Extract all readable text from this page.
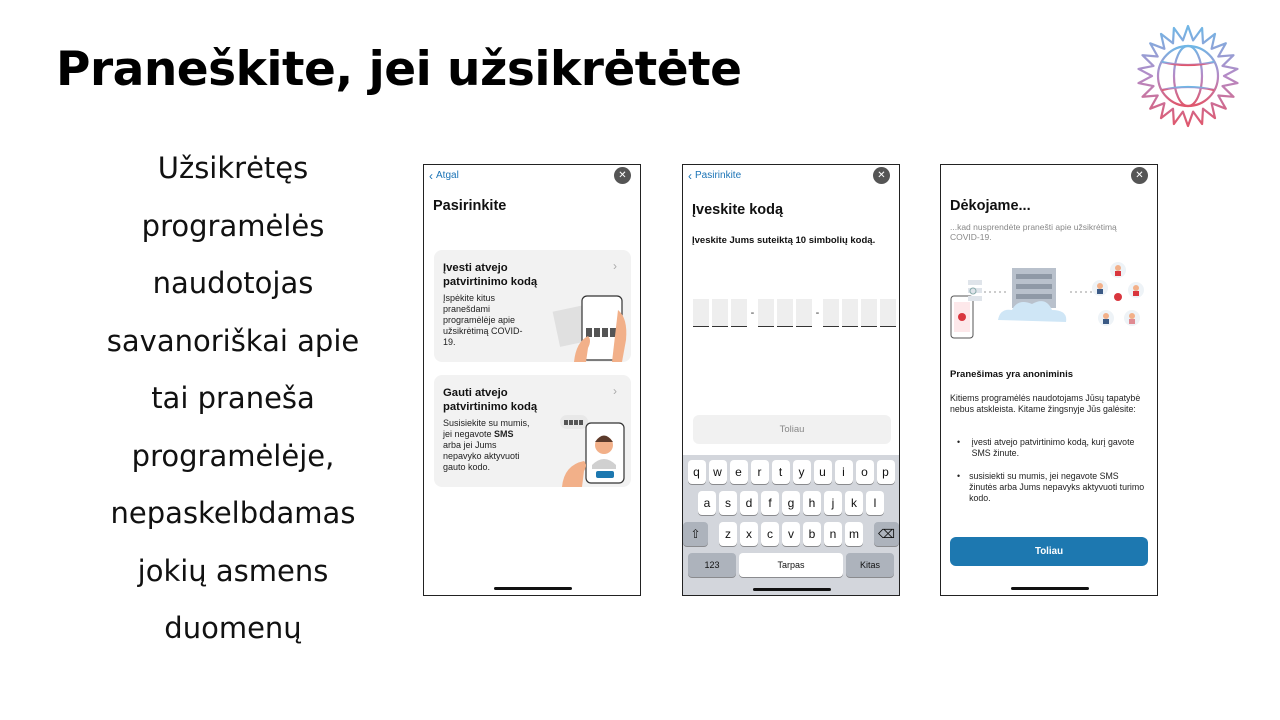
Praneškite, jei užsikrėtėte
Užsikrėtęs
programėlės
naudotojas
savanoriškai apie
tai praneša
programėlėje,
nepaskelbdamas
jokių asmens
duomenų
‹ Atgal	✕
Pasirinkite
Įvesti atvejo patvirtinimo kodą
›

Įspėkite kitus pranešdami programėlėje apie užsikrėtimą COVID-19.

Gauti atvejo patvirtinimo kodą
›

Susisiekite su mumis, jei negavote SMS arba jei Jums nepavyko aktyvuoti gauto kodo.

‹ Pasirinkite	✕
Įveskite kodą
Įveskite Jums suteiktą 10 simbolių kodą.
-	-
Toliau
q	w	e	r	t	y	u	i	o	p
a	s	d	f	g	h	j	k	l
⇧	z	x	c	v	b	n	m	⌫
123	Tarpas	Kitas
✕
Dėkojame...
...kad nusprendėte pranešti apie užsikrėtimą COVID-19.
Pranešimas yra anoniminis
Kitiems programėlės naudotojams Jūsų tapatybė nebus atskleista. Kitame žingsnyje Jūs galėsite:
•	įvesti atvejo patvirtinimo kodą, kurį gavote SMS žinute.
• susisiekti su mumis, jei negavote SMS žinutės arba Jums nepavyks aktyvuoti turimo kodo.
Toliau
